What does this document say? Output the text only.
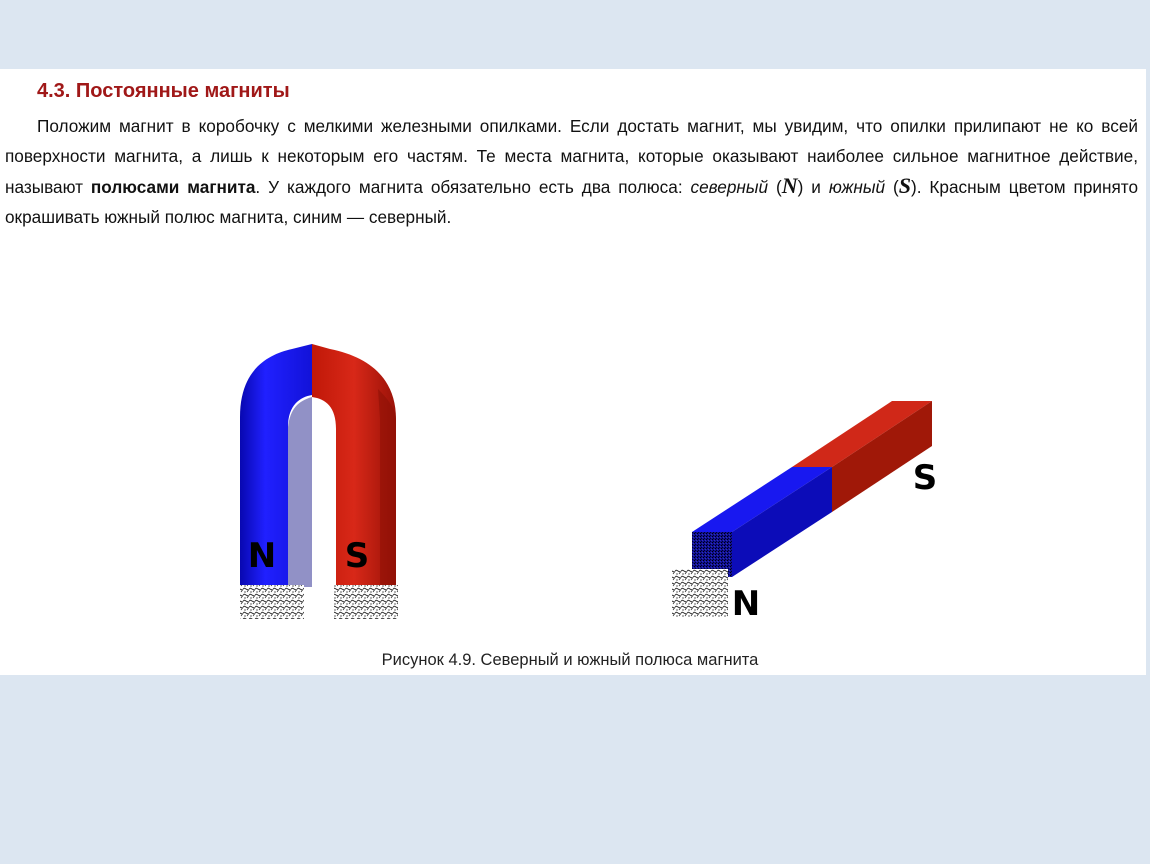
4.3. Постоянные магниты

Положим магнит в коробочку с мелкими железными опилками. Если достать магнит, мы увидим, что опилки прилипают не ко всей поверхности магнита, а лишь к некоторым его частям. Те места магнита, которые оказывают наиболее сильное магнитное действие, называют полюсами магнита. У каждого магнита обязательно есть два полюса: северный (N) и южный (S). Красным цветом принято окрашивать южный полюс магнита, синим — северный.

N S
S
N
Рисунок 4.9. Северный и южный полюса магнита
